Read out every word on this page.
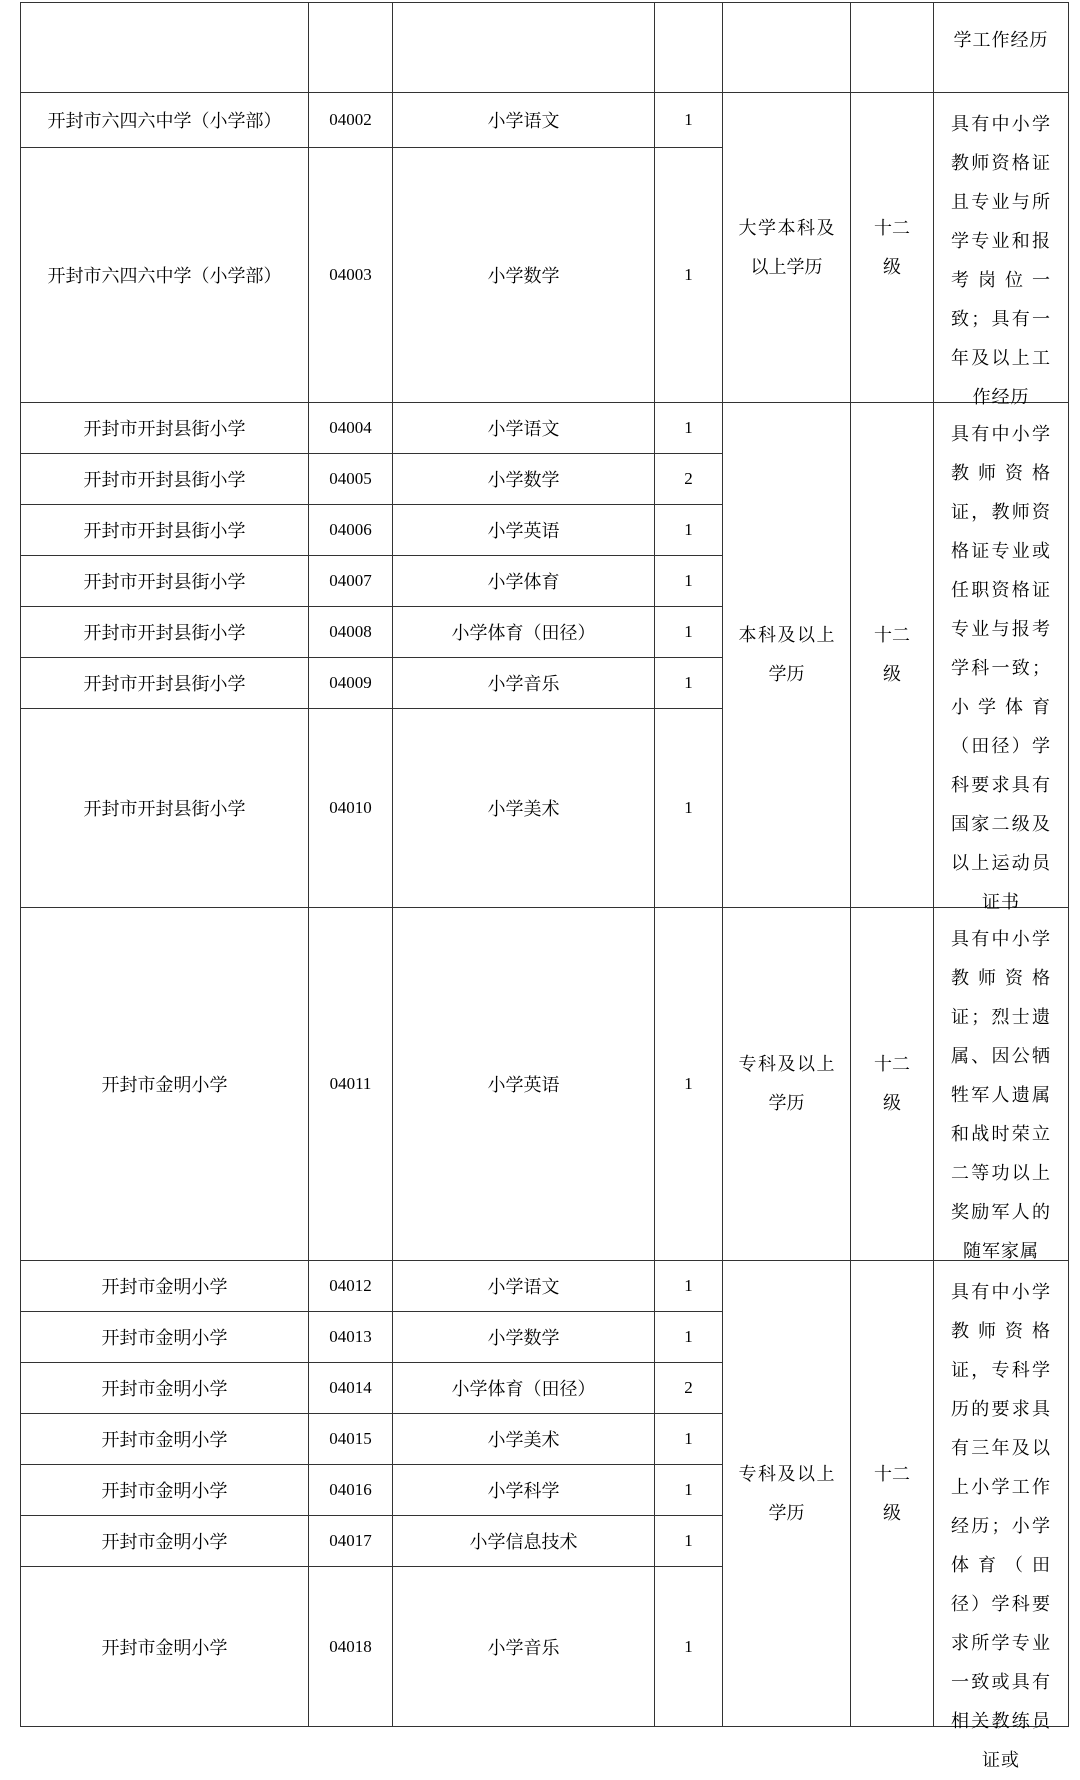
						学工作经历

开封市六四六中学（小学部）	04002	小学语文	1	大学本科及以上学历	十二级	具有中小学教师资格证且专业与所学专业和报考岗位一致；具有一年及以上工作经历

开封市六四六中学（小学部）	04003	小学数学	1			
开封市开封县街小学	04004	小学语文	1	本科及以上学历	十二级	具有中小学教师资格证，教师资格证专业或任职资格证专业与报考学科一致；小学体育（田径）学科要求具有国家二级及以上运动员证书

开封市开封县街小学	04005	小学数学	2			
开封市开封县街小学	04006	小学英语	1			
开封市开封县街小学	04007	小学体育	1			
开封市开封县街小学	04008	小学体育（田径）	1			
开封市开封县街小学	04009	小学音乐	1			
开封市开封县街小学	04010	小学美术	1			
开封市金明小学	04011	小学英语	1	专科及以上学历	十二级	具有中小学教师资格证；烈士遗属、因公牺牲军人遗属和战时荣立二等功以上奖励军人的随军家属

开封市金明小学	04012	小学语文	1	专科及以上学历	十二级	具有中小学教师资格证，专科学历的要求具有三年及以上小学工作经历；小学体育（田径）学科要求所学专业一致或具有相关教练员证或

开封市金明小学	04013	小学数学	1			
开封市金明小学	04014	小学体育（田径）	2			
开封市金明小学	04015	小学美术	1			
开封市金明小学	04016	小学科学	1			
开封市金明小学	04017	小学信息技术	1			
开封市金明小学	04018	小学音乐	1			
